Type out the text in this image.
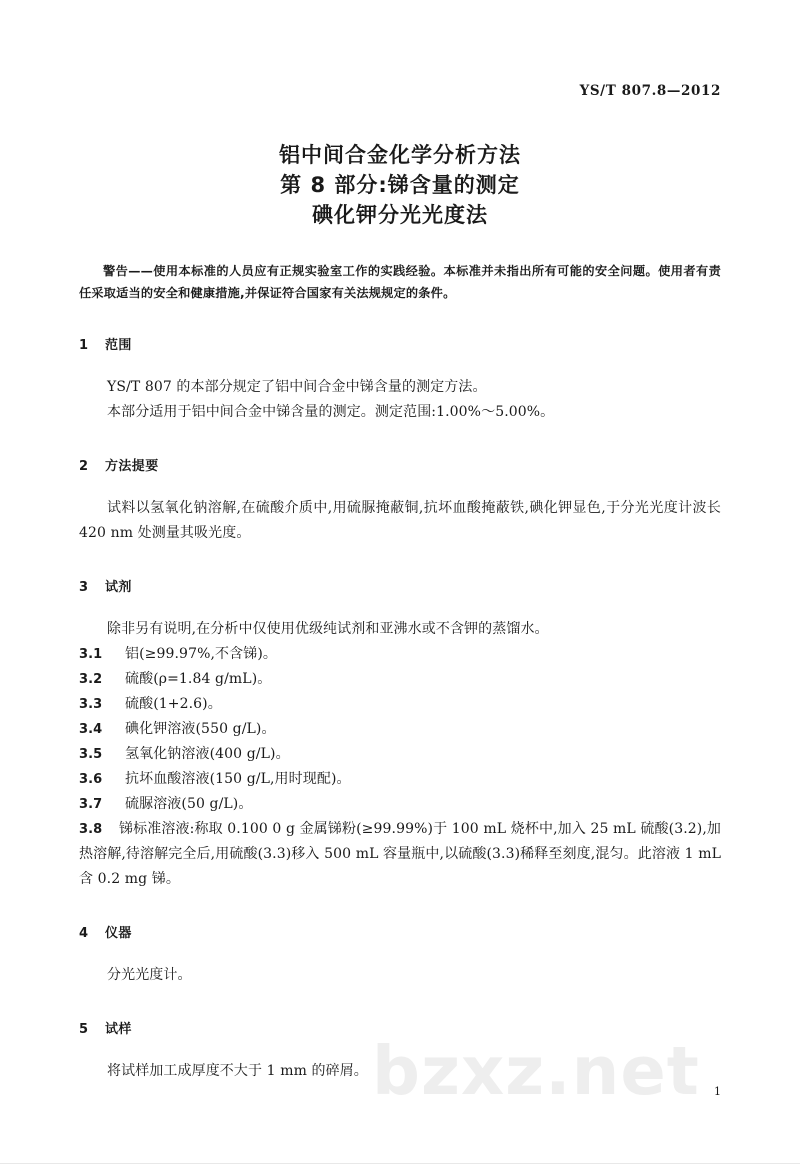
bzxz.net
YS/T 807.8—2012
铝中间合金化学分析方法
第 8 部分:锑含量的测定
碘化钾分光光度法

警告——使用本标准的人员应有正规实验室工作的实践经验。本标准并未指出所有可能的安全问题。使用者有责任采取适当的安全和健康措施,并保证符合国家有关法规规定的条件。

1 范围

YS/T 807 的本部分规定了铝中间合金中锑含量的测定方法。

本部分适用于铝中间合金中锑含量的测定。测定范围:1.00%～5.00%。

2 方法提要

试料以氢氧化钠溶解,在硫酸介质中,用硫脲掩蔽铜,抗坏血酸掩蔽铁,碘化钾显色,于分光光度计波长 420 nm 处测量其吸光度。

3 试剂

除非另有说明,在分析中仅使用优级纯试剂和亚沸水或不含钾的蒸馏水。

3.1 铝(≥99.97%,不含锑)。
3.2 硫酸(ρ=1.84 g/mL)。
3.3 硫酸(1+2.6)。
3.4 碘化钾溶液(550 g/L)。
3.5 氢氧化钠溶液(400 g/L)。
3.6 抗坏血酸溶液(150 g/L,用时现配)。
3.7 硫脲溶液(50 g/L)。
3.8 锑标准溶液:称取 0.100 0 g 金属锑粉(≥99.99%)于 100 mL 烧杯中,加入 25 mL 硫酸(3.2),加热溶解,待溶解完全后,用硫酸(3.3)移入 500 mL 容量瓶中,以硫酸(3.3)稀释至刻度,混匀。此溶液 1 mL 含 0.2 mg 锑。
4 仪器

分光光度计。

5 试样

将试样加工成厚度不大于 1 mm 的碎屑。

1
